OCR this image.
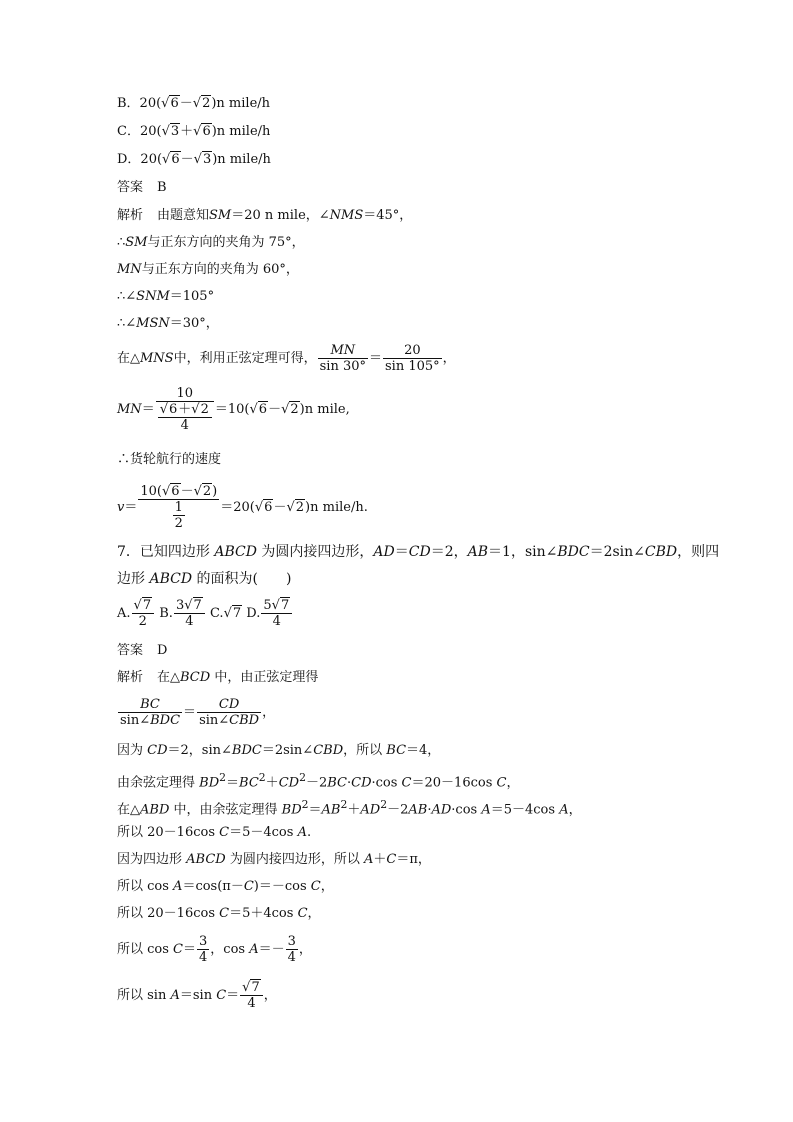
B．20(√6－√2)n mile/h
C．20(√3＋√6)n mile/h
D．20(√6－√3)n mile/h
答案 B
解析 由题意知SM＝20 n mile，∠NMS＝45°，
∴SM与正东方向的夹角为 75°，
MN与正东方向的夹角为 60°，
∴∠SNM＝105°
∴∠MSN＝30°，
在△MNS中，利用正弦定理可得， $\frac{MN}{\sin 30^\circ} = \frac{20}{\sin 105^\circ}$ ，
$MN= \frac{10}{\frac{√6+√2}{4}} =10(√6-√2)n$ mile,
∴货轮航行的速度
$v= \frac{10(√6-√2)}{\frac{1}{2}} =20(√6-√2)n$ mile/h.
7．已知四边形 ABCD 为圆内接四边形，AD＝CD＝2，AB＝1，sin∠BDC＝2sin∠CBD，则四
边形 ABCD 的面积为(　　)
A. $\frac{√7}{2} B$. $\frac{3√7}{4} C.√7$ D. $\frac{5√7}{4}$
答案 D
解析 在△BCD 中，由正弦定理得
BC
sin∠BDC
＝
CD
sin∠CBD
，
因为 CD＝2，sin∠BDC＝2sin∠CBD，所以 BC＝4，
由余弦定理得 $BD^2=BC^2+CD^2-2BC\cdot CD\cdot\cos$ C＝20－16cos C，
在△ABD 中，由余弦定理得 $BD^2=AB^2+AD^2-2AB\cdot AD\cdot\cos$ A＝5－4cos A，
所以 20－16cos C＝5－4cos A.
因为四边形 ABCD 为圆内接四边形，所以 A＋C＝π，
所以 cos A＝cos(π－C)＝－cos C，
所以 20－16cos C＝5＋4cos C，
所以 $\cos C= \frac{3}{4}$ ，$\cos A=- \frac{3}{4}$ ，
所以 sin A＝sin $C= \frac{√7}{4}$ ，
